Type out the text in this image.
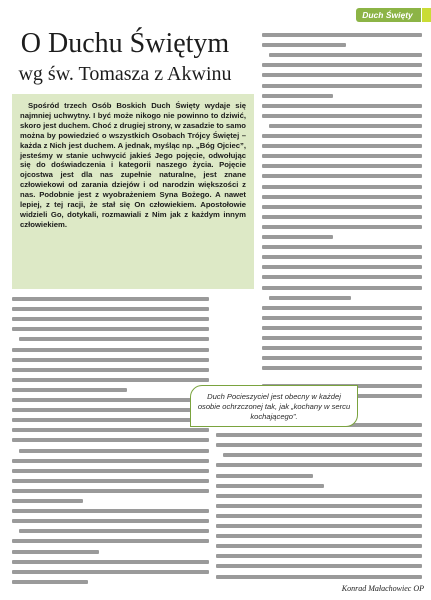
Duch Święty
O Duchu Świętym
wg św. Tomasza z Akwinu

Spośród trzech Osób Boskich Duch Święty wydaje się najmniej uchwytny. I być może nikogo nie powinno to dziwić, skoro jest duchem. Choć z drugiej strony, w zasadzie to samo można by powiedzieć o wszystkich Osobach Trójcy Świętej – każda z Nich jest duchem. A jednak, myśląc np. „Bóg Ojciec”, jesteśmy w stanie uchwycić jakieś Jego pojęcie, odwołując się do doświadczenia i kategorii naszego życia. Pojęcie ojcostwa jest dla nas zupełnie naturalne, jest znane człowiekowi od zarania dziejów i od narodzin większości z nas. Podobnie jest z wyobrażeniem Syna Bożego. A nawet lepiej, z tej racji, że stał się On człowiekiem. Apostołowie widzieli Go, dotykali, rozmawiali z Nim jak z każdym innym człowiekiem.

Duch Pocieszyciel jest obecny w każdej osobie ochrzczonej tak, jak „kochany w sercu kochającego”.

Konrad Małachowiec OP
